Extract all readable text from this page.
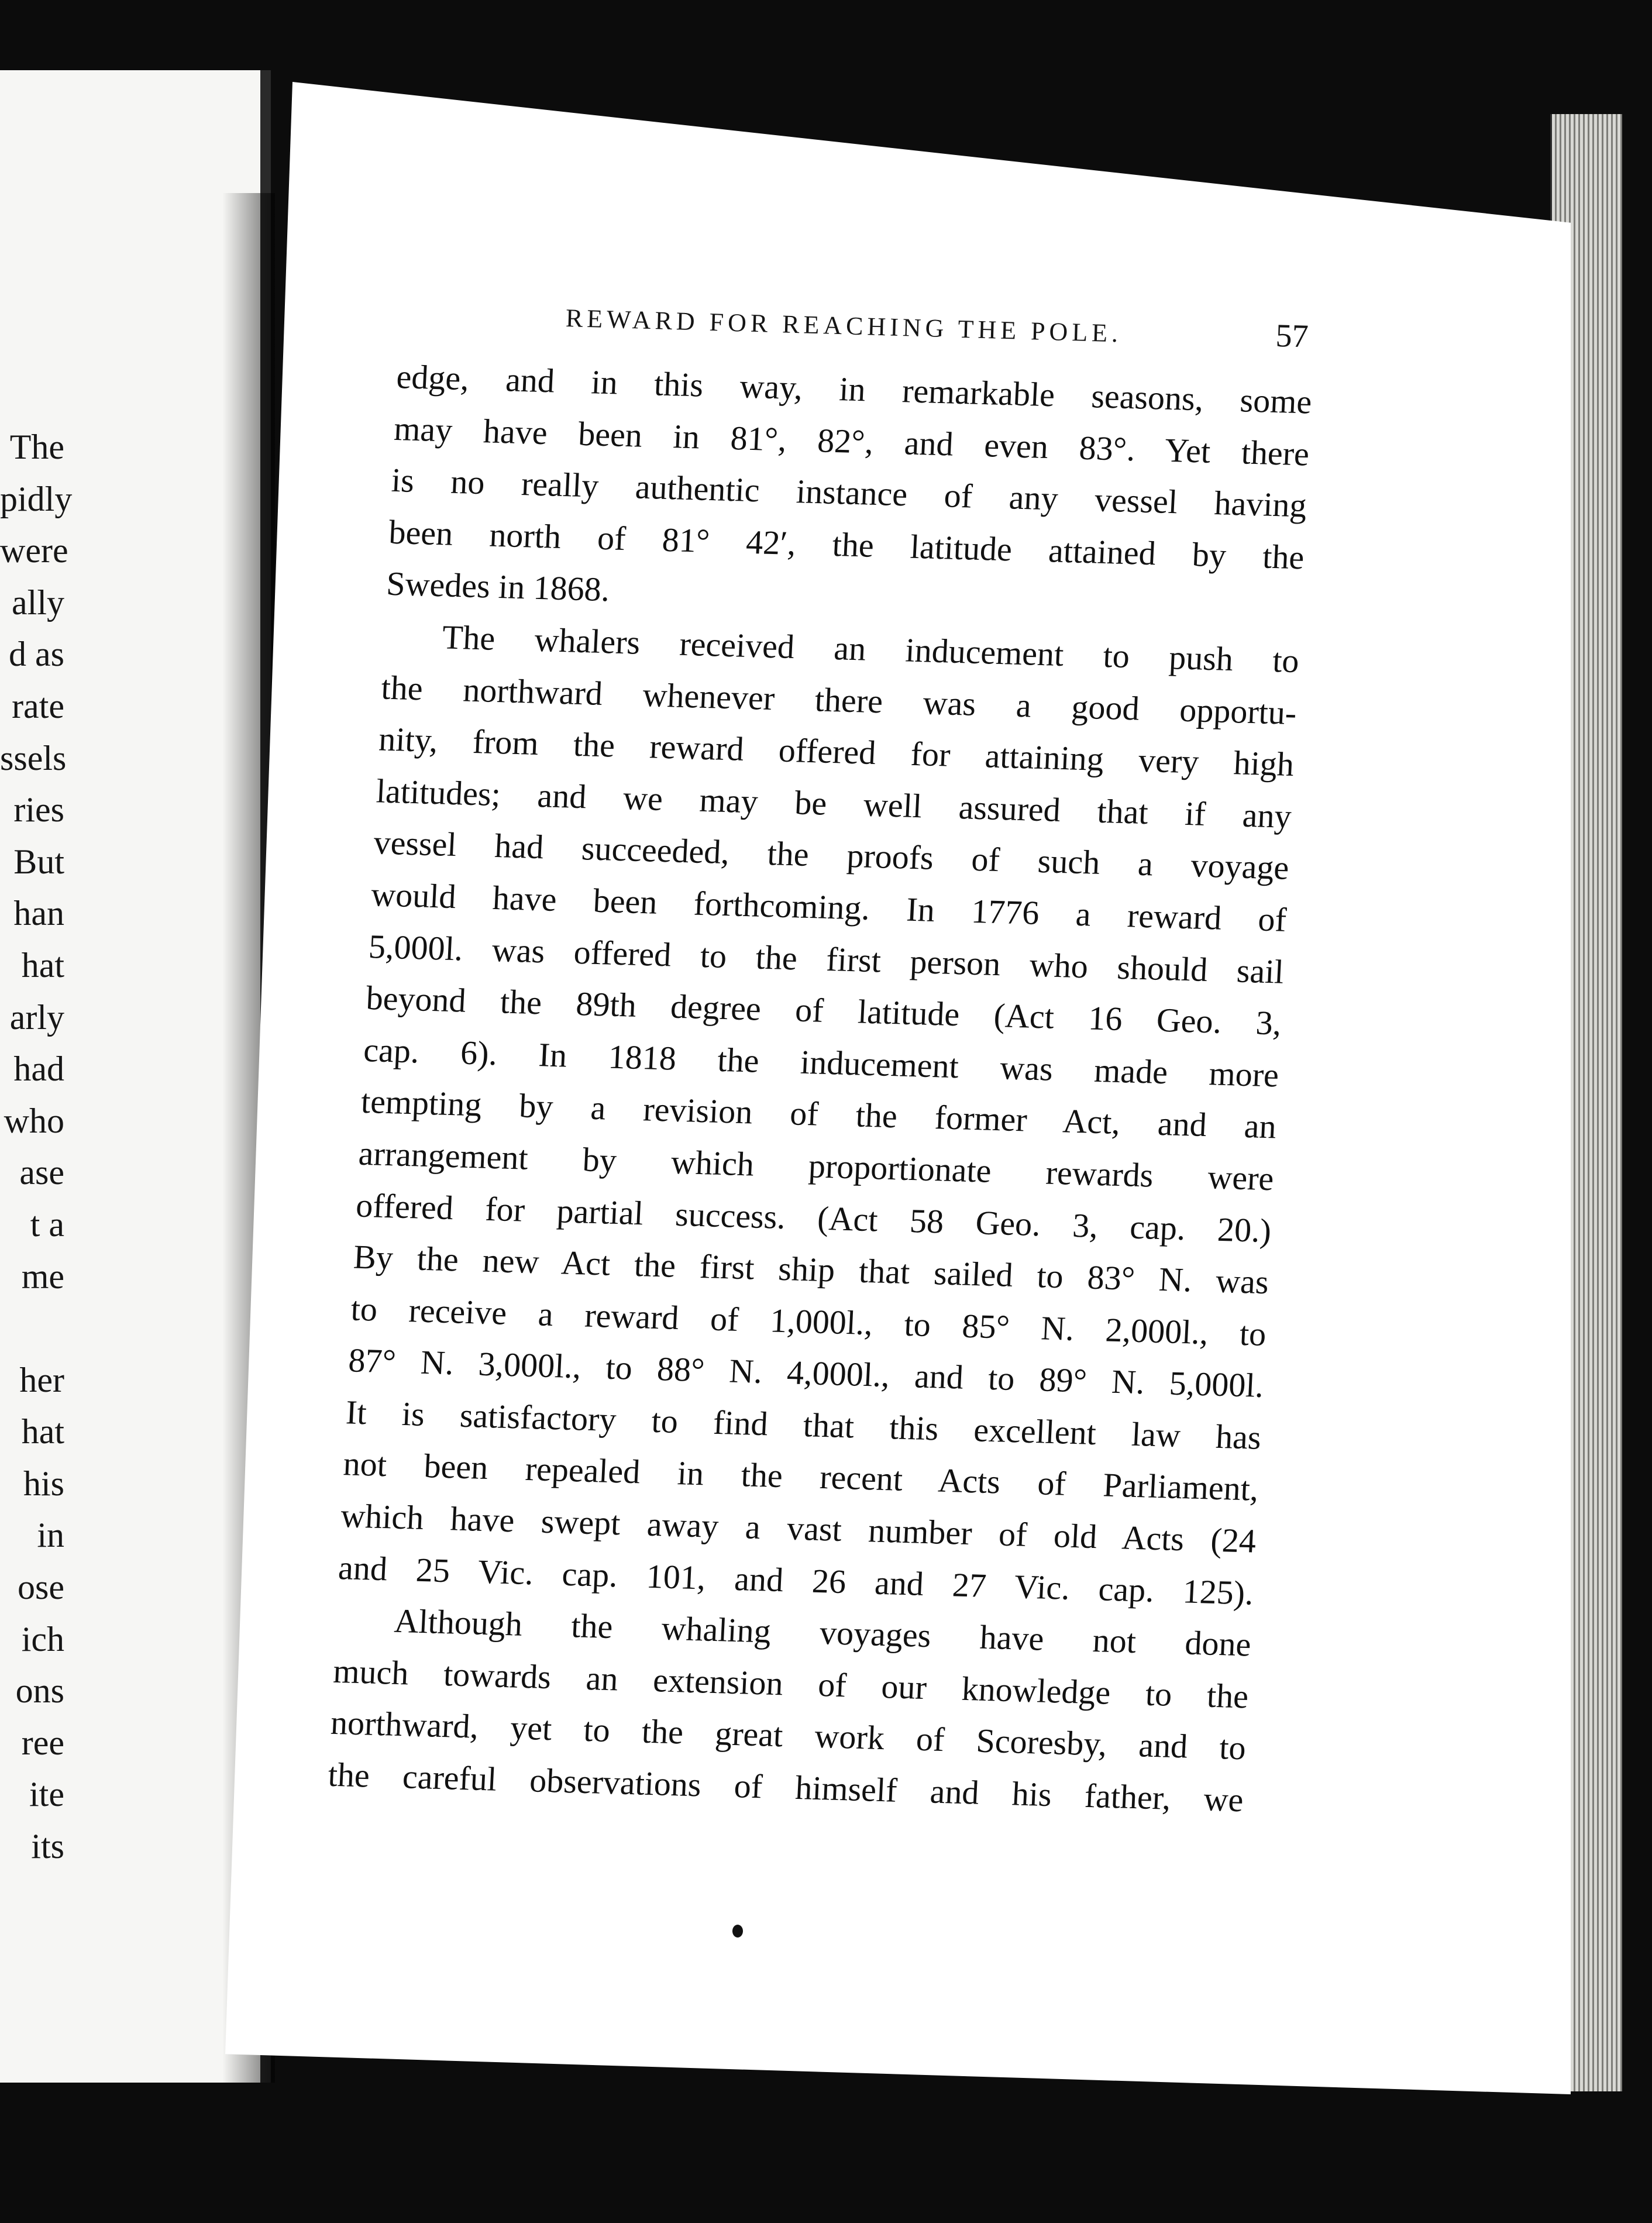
The
pidly
were
ally
d as
rate
ssels
ries
But
han
hat
arly
had
who
ase
t a
me
her
hat
his
in
ose
ich
ons
ree
ite
its
REWARD FOR REACHING THE POLE.	57
edge, and in this way, in remarkable seasons, some
may have been in 81°, 82°, and even 83°. Yet there
is no really authentic instance of any vessel having
been north of 81° 42′, the latitude attained by the
Swedes in 1868.
The whalers received an inducement to push to
the northward whenever there was a good opportu-
nity, from the reward offered for attaining very high
latitudes; and we may be well assured that if any
vessel had succeeded, the proofs of such a voyage
would have been forthcoming. In 1776 a reward of
5,000l. was offered to the first person who should sail
beyond the 89th degree of latitude (Act 16 Geo. 3,
cap. 6). In 1818 the inducement was made more
tempting by a revision of the former Act, and an
arrangement by which proportionate rewards were
offered for partial success. (Act 58 Geo. 3, cap. 20.)
By the new Act the first ship that sailed to 83° N. was
to receive a reward of 1,000l., to 85° N. 2,000l., to
87° N. 3,000l., to 88° N. 4,000l., and to 89° N. 5,000l.
It is satisfactory to find that this excellent law has
not been repealed in the recent Acts of Parliament,
which have swept away a vast number of old Acts (24
and 25 Vic. cap. 101, and 26 and 27 Vic. cap. 125).
Although the whaling voyages have not done
much towards an extension of our knowledge to the
northward, yet to the great work of Scoresby, and to
the careful observations of himself and his father, we
